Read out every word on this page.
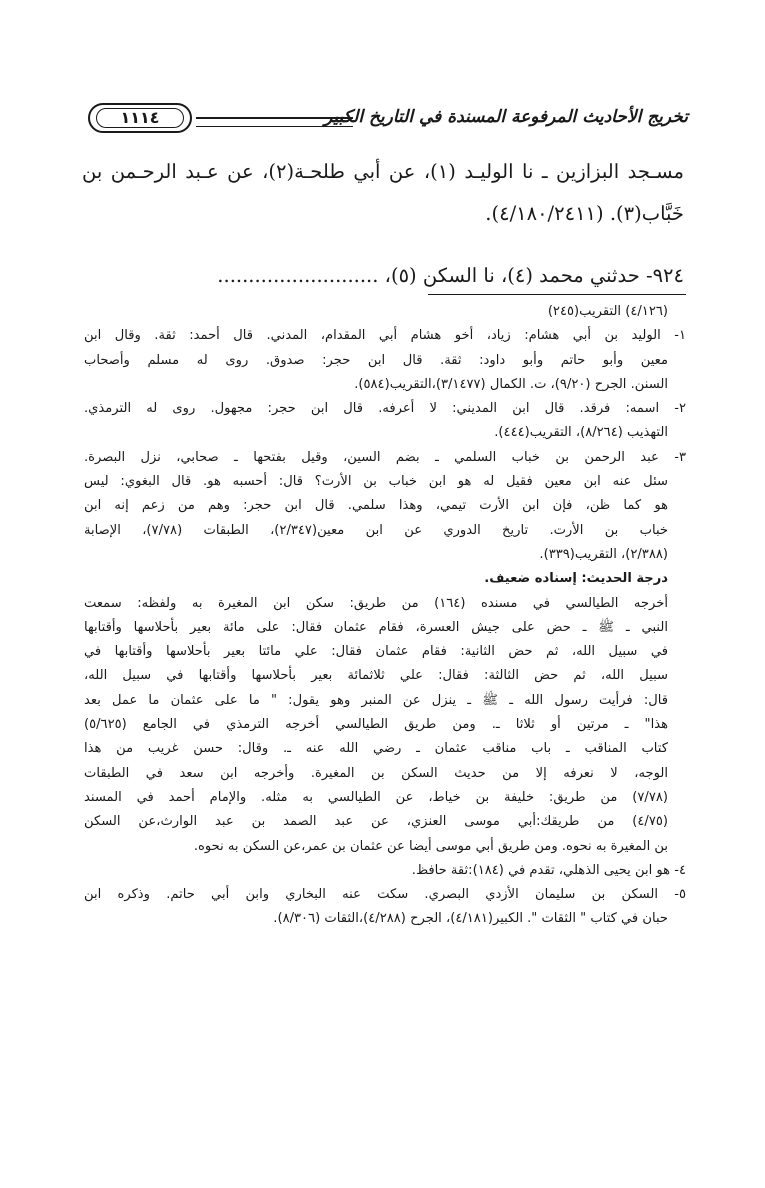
تخريج الأحاديث المرفوعة المسندة في التاريخ الكبير
١١١٤
مسـجد البزازين ـ نا الوليـد (١)، عن أبي طلحـة(٢)، عن عـبد الرحـمن بن
خَبَّاب(٣). (٤/١٨٠/٢٤١١).
٩٢٤- حدثني محمد (٤)، نا السكن (٥)، ..........................
(٤/١٢٦) التقريب(٢٤٥)
١- الوليد بن أبي هشام: زياد، أخو هشام أبي المقدام، المدني. قال أحمد: ثقة. وقال ابن
معين وأبو حاتم وأبو داود: ثقة. قال ابن حجر: صدوق. روى له مسلم وأصحاب
السنن. الجرح (٩/٢٠)، ت. الكمال (٣/١٤٧٧)،التقريب(٥٨٤).
٢- اسمه: فرقد. قال ابن المديني: لا أعرفه. قال ابن حجر: مجهول. روى له الترمذي.
التهذيب (٨/٢٦٤)، التقريب(٤٤٤).
٣- عبد الرحمن بن خباب السلمي ـ بضم السين، وقيل بفتحها ـ صحابي، نزل البصرة.
سئل عنه ابن معين فقيل له هو ابن خباب بن الأرت؟ قال: أحسبه هو. قال البغوي: ليس
هو كما ظن، فإن ابن الأرت تيمي، وهذا سلمي. قال ابن حجر: وهم من زعم إنه ابن
خباب بن الأرت. تاريخ الدوري عن ابن معين(٢/٣٤٧)، الطبقات (٧/٧٨)، الإصابة
(٢/٣٨٨)، التقريب(٣٣٩).
درجة الحديث: إسناده ضعيف.
أخرجه الطيالسي في مسنده (١٦٤) من طريق: سكن ابن المغيرة به ولفظه: سمعت
النبي ـ ﷺ ـ حض على جيش العسرة، فقام عثمان فقال: على مائة بعير بأحلاسها وأقتابها
في سبيل الله، ثم حض الثانية: فقام عثمان فقال: علي مائتا بعير بأحلاسها وأقتابها في
سبيل الله، ثم حض الثالثة: فقال: علي ثلاثمائة بعير بأحلاسها وأقتابها في سبيل الله،
قال: فرأيت رسول الله ـ ﷺ ـ ينزل عن المنبر وهو يقول: " ما على عثمان ما عمل بعد
هذا" ـ مرتين أو ثلاثا ـ. ومن طريق الطيالسي أخرجه الترمذي في الجامع (٥/٦٢٥)
كتاب المناقب ـ باب مناقب عثمان ـ رضي الله عنه ـ. وقال: حسن غريب من هذا
الوجه، لا نعرفه إلا من حديث السكن بن المغيرة. وأخرجه ابن سعد في الطبقات
(٧/٧٨) من طريق: خليفة بن خياط، عن الطيالسي به مثله. والإمام أحمد في المسند
(٤/٧٥) من طريقك:أبي موسى العنزي، عن عبد الصمد بن عبد الوارث،عن السكن
بن المغيرة به نحوه. ومن طريق أبي موسى أيضا عن عثمان بن عمر،عن السكن به نحوه.
٤- هو ابن يحيى الذهلي، تقدم في (١٨٤):ثقة حافظ.
٥- السكن بن سليمان الأزدي البصري. سكت عنه البخاري وابن أبي حاتم. وذكره ابن
حبان في كتاب " الثقات ". الكبير(٤/١٨١)، الجرح (٤/٢٨٨)،الثقات (٨/٣٠٦).
